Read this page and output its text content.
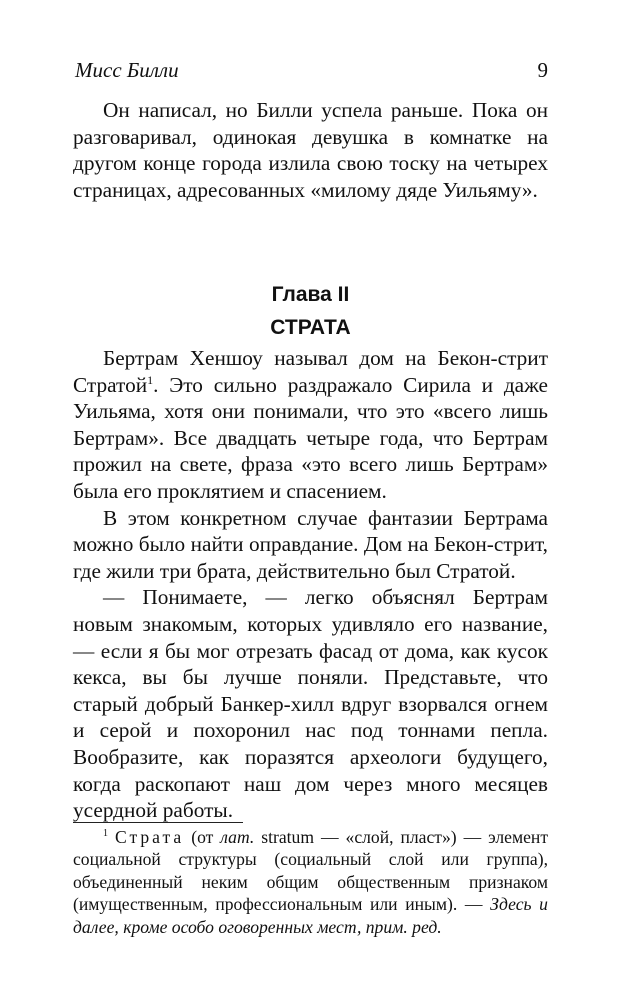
Мисс Билли	9

Он написал, но Билли успела раньше. Пока он разговаривал, одинокая девушка в комнатке на другом конце города излила свою тоску на четырех страницах, адресованных «милому дяде Уильяму».

Глава II
СТРАТА

Бертрам Хеншоу называл дом на Бекон-стрит Стратой$^1$. Это сильно раздражало Сирила и даже Уильяма, хотя они понимали, что это «всего лишь Бертрам». Все двадцать четыре года, что Бертрам прожил на свете, фраза «это всего лишь Бертрам» была его проклятием и спасением.

В этом конкретном случае фантазии Бертрама можно было найти оправдание. Дом на Бекон-стрит, где жили три брата, действительно был Стратой.

— Понимаете, — легко объяснял Бертрам новым знакомым, которых удивляло его название, — если я бы мог отрезать фасад от дома, как кусок кекса, вы бы лучше поняли. Представьте, что старый добрый Банкер-хилл вдруг взорвался огнем и серой и похоронил нас под тоннами пепла. Вообразите, как поразятся археологи будущего, когда раскопают наш дом через много месяцев усердной работы.

$^1$ Страта (от лат. stratum — «слой, пласт») — элемент социальной структуры (социальный слой или группа), объединенный неким общим общественным признаком (имущественным, профессиональным или иным). — Здесь и далее, кроме особо оговоренных мест, прим. ред.
